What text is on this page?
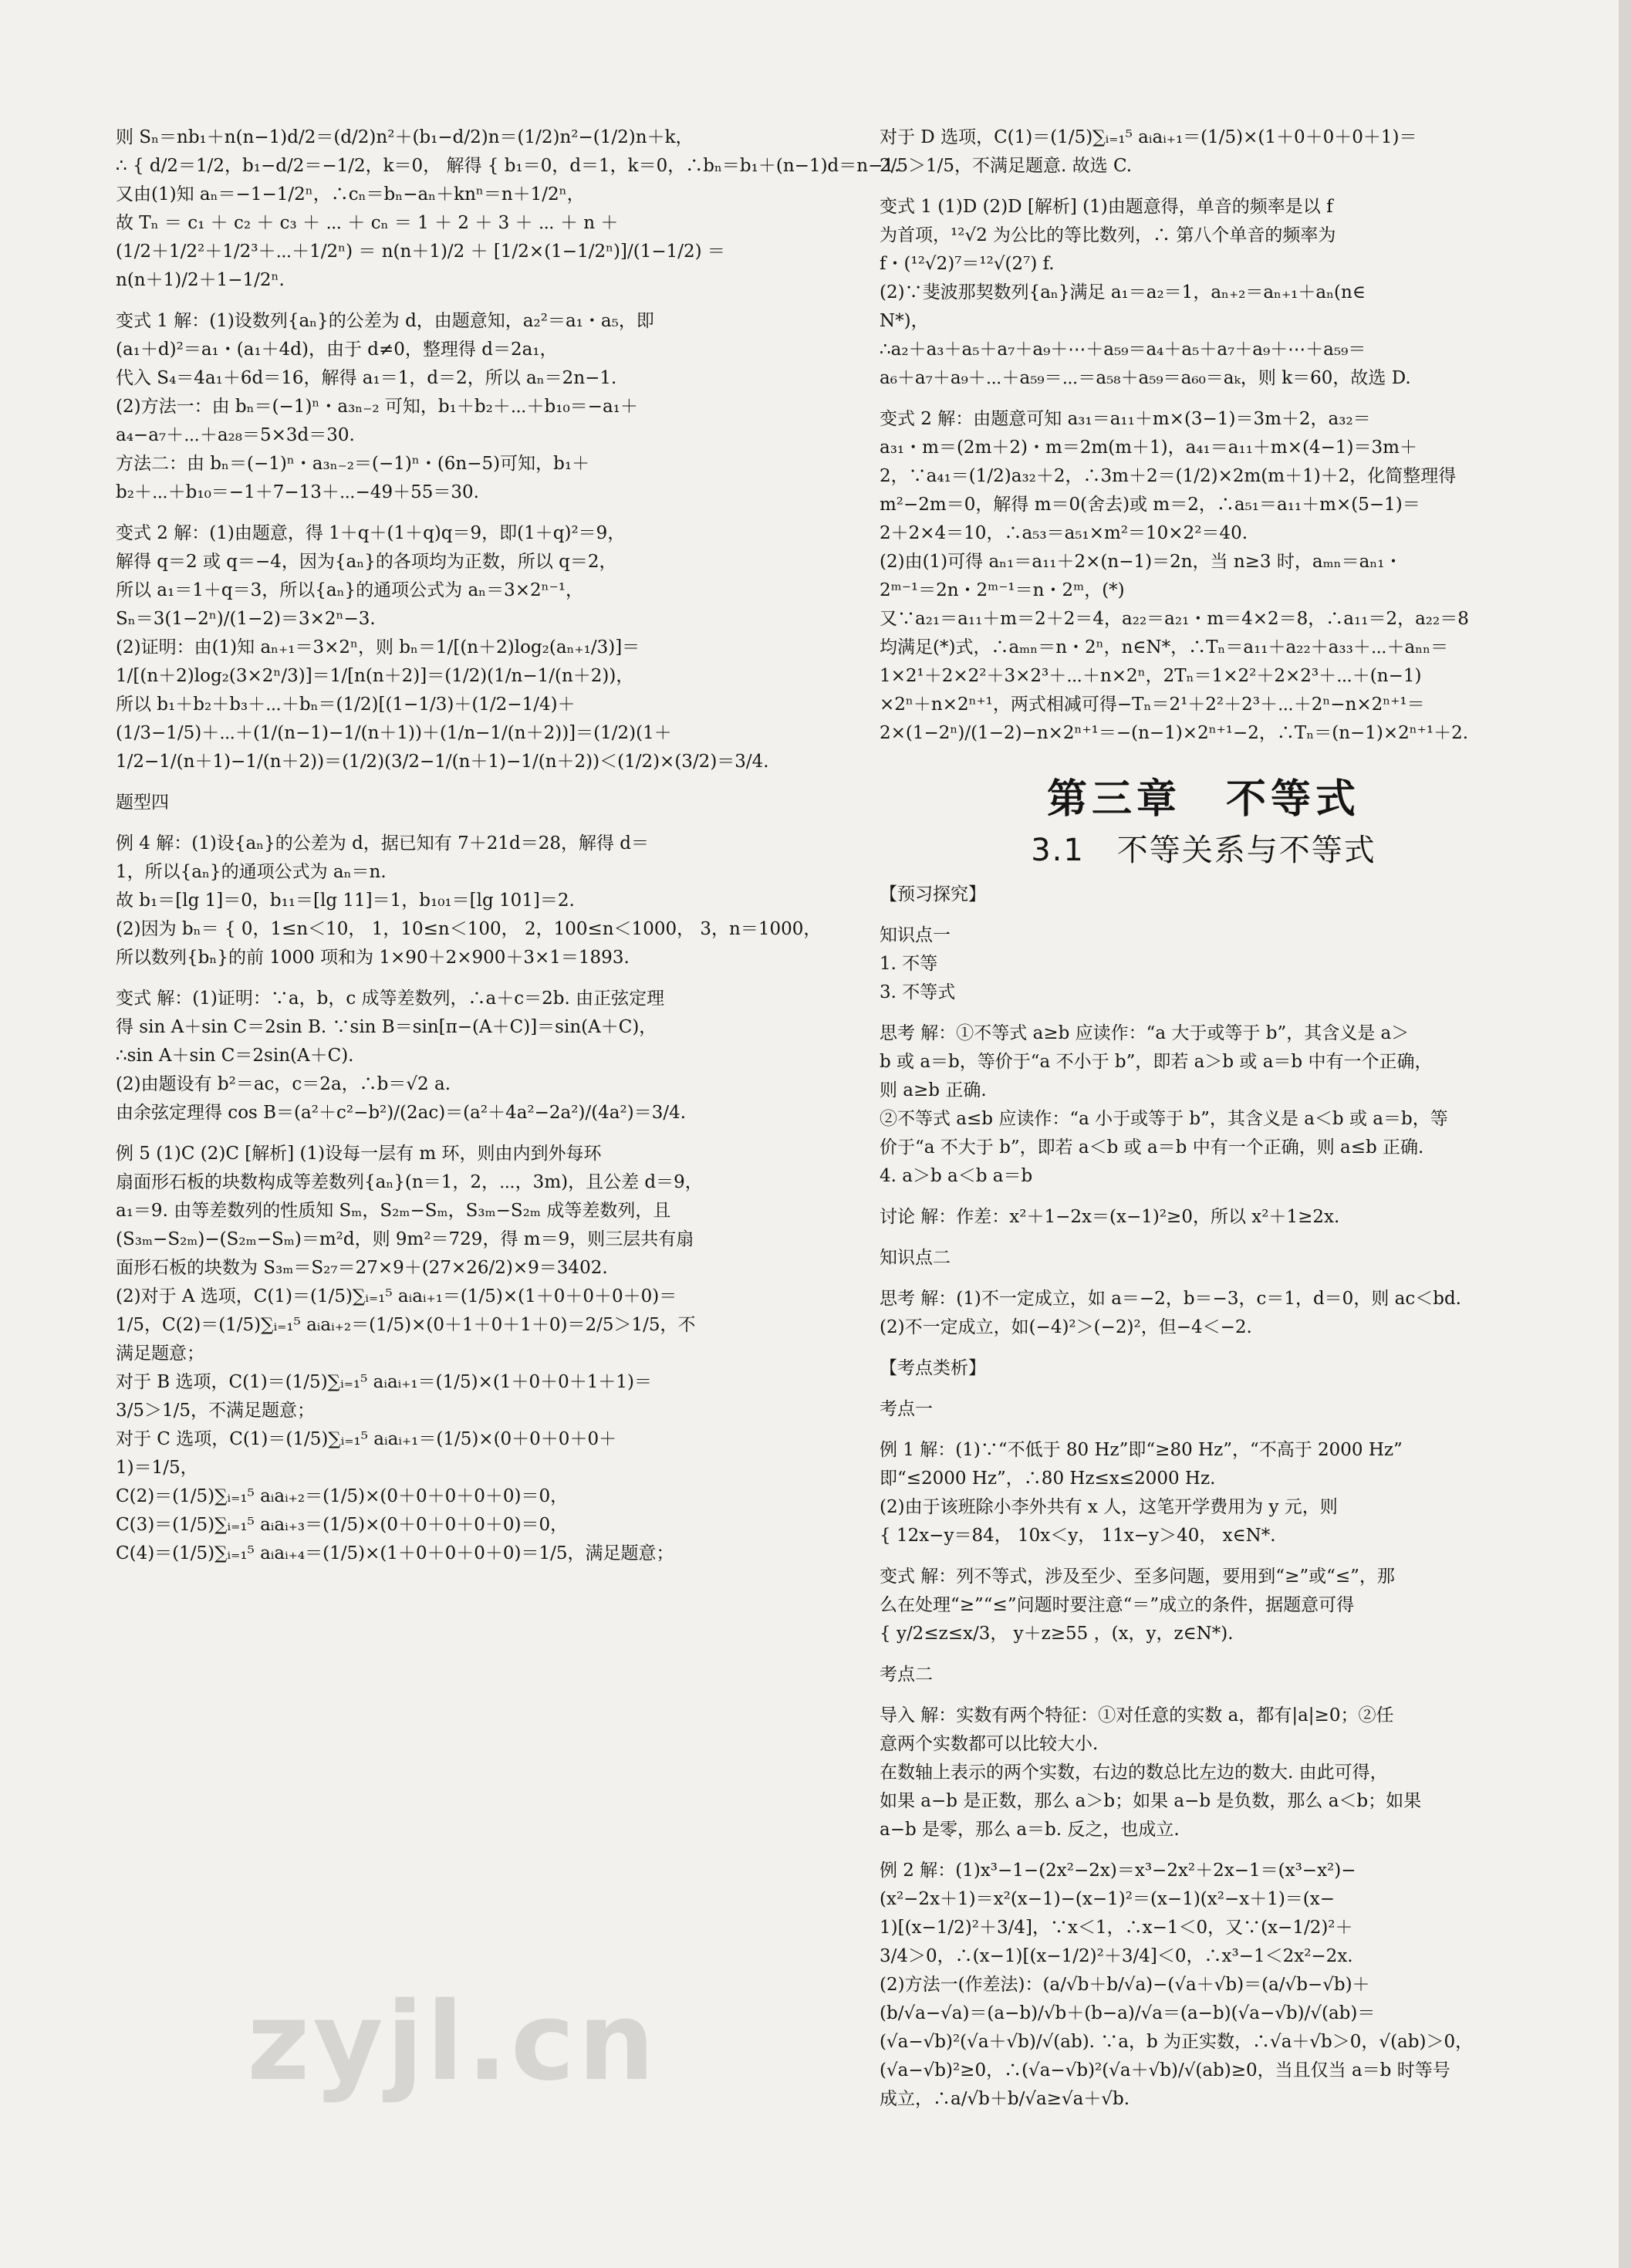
则 Sₙ＝nb₁＋n(n−1)d/2＝(d/2)n²＋(b₁−d/2)n＝(1/2)n²−(1/2)n＋k，
∴ { d/2＝1/2，b₁−d/2＝−1/2，k＝0， 解得 { b₁＝0，d＝1，k＝0，∴bₙ＝b₁＋(n−1)d＝n−1.
又由(1)知 aₙ＝−1−1/2ⁿ，∴cₙ＝bₙ−aₙ＋knⁿ＝n＋1/2ⁿ，
故 Tₙ ＝ c₁ ＋ c₂ ＋ c₃ ＋ ⋯ ＋ cₙ ＝ 1 ＋ 2 ＋ 3 ＋ ⋯ ＋ n ＋
(1/2＋1/2²＋1/2³＋⋯＋1/2ⁿ) ＝ n(n＋1)/2 ＋ [1/2×(1−1/2ⁿ)]/(1−1/2) ＝
n(n＋1)/2＋1−1/2ⁿ.
变式 1 解：(1)设数列{aₙ}的公差为 d，由题意知，a₂²＝a₁・a₅，即
(a₁＋d)²＝a₁・(a₁＋4d)，由于 d≠0，整理得 d＝2a₁，
代入 S₄＝4a₁＋6d＝16，解得 a₁＝1，d＝2，所以 aₙ＝2n−1.
(2)方法一：由 bₙ＝(−1)ⁿ・a₃ₙ₋₂ 可知，b₁＋b₂＋⋯＋b₁₀＝−a₁＋
a₄−a₇＋⋯＋a₂₈＝5×3d＝30.
方法二：由 bₙ＝(−1)ⁿ・a₃ₙ₋₂＝(−1)ⁿ・(6n−5)可知，b₁＋
b₂＋⋯＋b₁₀＝−1＋7−13＋⋯−49＋55＝30.
变式 2 解：(1)由题意，得 1＋q＋(1＋q)q＝9，即(1＋q)²＝9，
解得 q＝2 或 q＝−4，因为{aₙ}的各项均为正数，所以 q＝2，
所以 a₁＝1＋q＝3，所以{aₙ}的通项公式为 aₙ＝3×2ⁿ⁻¹，
Sₙ＝3(1−2ⁿ)/(1−2)＝3×2ⁿ−3.
(2)证明：由(1)知 aₙ₊₁＝3×2ⁿ，则 bₙ＝1/[(n＋2)log₂(aₙ₊₁/3)]＝
1/[(n＋2)log₂(3×2ⁿ/3)]＝1/[n(n＋2)]＝(1/2)(1/n−1/(n＋2))，
所以 b₁＋b₂＋b₃＋⋯＋bₙ＝(1/2)[(1−1/3)＋(1/2−1/4)＋
(1/3−1/5)＋⋯＋(1/(n−1)−1/(n＋1))＋(1/n−1/(n＋2))]＝(1/2)(1＋
1/2−1/(n＋1)−1/(n＋2))＝(1/2)(3/2−1/(n＋1)−1/(n＋2))＜(1/2)×(3/2)＝3/4.
题型四
例 4 解：(1)设{aₙ}的公差为 d，据已知有 7＋21d＝28，解得 d＝
1，所以{aₙ}的通项公式为 aₙ＝n.
故 b₁＝[lg 1]＝0，b₁₁＝[lg 11]＝1，b₁₀₁＝[lg 101]＝2.
(2)因为 bₙ＝ { 0，1≤n＜10， 1，10≤n＜100， 2，100≤n＜1000， 3，n＝1000，
所以数列{bₙ}的前 1000 项和为 1×90＋2×900＋3×1＝1893.
变式 解：(1)证明：∵a，b，c 成等差数列，∴a＋c＝2b. 由正弦定理
得 sin A＋sin C＝2sin B. ∵sin B＝sin[π−(A＋C)]＝sin(A＋C)，
∴sin A＋sin C＝2sin(A＋C).
(2)由题设有 b²＝ac，c＝2a，∴b＝√2 a.
由余弦定理得 cos B＝(a²＋c²−b²)/(2ac)＝(a²＋4a²−2a²)/(4a²)＝3/4.
例 5 (1)C (2)C [解析] (1)设每一层有 m 环，则由内到外每环
扇面形石板的块数构成等差数列{aₙ}(n＝1，2，⋯，3m)，且公差 d＝9，
a₁＝9. 由等差数列的性质知 Sₘ，S₂ₘ−Sₘ，S₃ₘ−S₂ₘ 成等差数列，且
(S₃ₘ−S₂ₘ)−(S₂ₘ−Sₘ)＝m²d，则 9m²＝729，得 m＝9，则三层共有扇
面形石板的块数为 S₃ₘ＝S₂₇＝27×9＋(27×26/2)×9＝3402.
(2)对于 A 选项，C(1)＝(1/5)∑ᵢ₌₁⁵ aᵢaᵢ₊₁＝(1/5)×(1＋0＋0＋0＋0)＝
1/5，C(2)＝(1/5)∑ᵢ₌₁⁵ aᵢaᵢ₊₂＝(1/5)×(0＋1＋0＋1＋0)＝2/5＞1/5，不
满足题意；
对于 B 选项，C(1)＝(1/5)∑ᵢ₌₁⁵ aᵢaᵢ₊₁＝(1/5)×(1＋0＋0＋1＋1)＝
3/5＞1/5，不满足题意；
对于 C 选项，C(1)＝(1/5)∑ᵢ₌₁⁵ aᵢaᵢ₊₁＝(1/5)×(0＋0＋0＋0＋
1)＝1/5，
C(2)＝(1/5)∑ᵢ₌₁⁵ aᵢaᵢ₊₂＝(1/5)×(0＋0＋0＋0＋0)＝0，
C(3)＝(1/5)∑ᵢ₌₁⁵ aᵢaᵢ₊₃＝(1/5)×(0＋0＋0＋0＋0)＝0，
C(4)＝(1/5)∑ᵢ₌₁⁵ aᵢaᵢ₊₄＝(1/5)×(1＋0＋0＋0＋0)＝1/5，满足题意；
对于 D 选项，C(1)＝(1/5)∑ᵢ₌₁⁵ aᵢaᵢ₊₁＝(1/5)×(1＋0＋0＋0＋1)＝
2/5＞1/5，不满足题意. 故选 C.
变式 1 (1)D (2)D [解析] (1)由题意得，单音的频率是以 f
为首项，¹²√2 为公比的等比数列，∴ 第八个单音的频率为
f・(¹²√2)⁷＝¹²√(2⁷) f.
(2)∵斐波那契数列{aₙ}满足 a₁＝a₂＝1，aₙ₊₂＝aₙ₊₁＋aₙ(n∈
N*)，
∴a₂＋a₃＋a₅＋a₇＋a₉＋⋯＋a₅₉＝a₄＋a₅＋a₇＋a₉＋⋯＋a₅₉＝
a₆＋a₇＋a₉＋⋯＋a₅₉＝⋯＝a₅₈＋a₅₉＝a₆₀＝aₖ，则 k＝60，故选 D.
变式 2 解：由题意可知 a₃₁＝a₁₁＋m×(3−1)＝3m＋2，a₃₂＝
a₃₁・m＝(2m＋2)・m＝2m(m＋1)，a₄₁＝a₁₁＋m×(4−1)＝3m＋
2，∵a₄₁＝(1/2)a₃₂＋2，∴3m＋2＝(1/2)×2m(m＋1)＋2，化简整理得
m²−2m＝0，解得 m＝0(舍去)或 m＝2，∴a₅₁＝a₁₁＋m×(5−1)＝
2＋2×4＝10，∴a₅₃＝a₅₁×m²＝10×2²＝40.
(2)由(1)可得 aₙ₁＝a₁₁＋2×(n−1)＝2n，当 n≥3 时，aₘₙ＝aₙ₁・
2ᵐ⁻¹＝2n・2ᵐ⁻¹＝n・2ᵐ，(*)
又∵a₂₁＝a₁₁＋m＝2＋2＝4，a₂₂＝a₂₁・m＝4×2＝8，∴a₁₁＝2，a₂₂＝8
均满足(*)式，∴aₘₙ＝n・2ⁿ，n∈N*，∴Tₙ＝a₁₁＋a₂₂＋a₃₃＋⋯＋aₙₙ＝
1×2¹＋2×2²＋3×2³＋⋯＋n×2ⁿ，2Tₙ＝1×2²＋2×2³＋⋯＋(n−1)
×2ⁿ＋n×2ⁿ⁺¹，两式相减可得−Tₙ＝2¹＋2²＋2³＋⋯＋2ⁿ−n×2ⁿ⁺¹＝
2×(1−2ⁿ)/(1−2)−n×2ⁿ⁺¹＝−(n−1)×2ⁿ⁺¹−2，∴Tₙ＝(n−1)×2ⁿ⁺¹＋2.
第三章　不等式
3.1　不等关系与不等式
【预习探究】
知识点一
1. 不等
3. 不等式
思考 解：①不等式 a≥b 应读作：“a 大于或等于 b”，其含义是 a＞
b 或 a＝b，等价于“a 不小于 b”，即若 a＞b 或 a＝b 中有一个正确，
则 a≥b 正确.
②不等式 a≤b 应读作：“a 小于或等于 b”，其含义是 a＜b 或 a＝b，等
价于“a 不大于 b”，即若 a＜b 或 a＝b 中有一个正确，则 a≤b 正确.
4. a＞b a＜b a＝b
讨论 解：作差：x²＋1−2x＝(x−1)²≥0，所以 x²＋1≥2x.
知识点二
思考 解：(1)不一定成立，如 a＝−2，b＝−3，c＝1，d＝0，则 ac＜bd.
(2)不一定成立，如(−4)²＞(−2)²，但−4＜−2.
【考点类析】
考点一
例 1 解：(1)∵“不低于 80 Hz”即“≥80 Hz”，“不高于 2000 Hz”
即“≤2000 Hz”，∴80 Hz≤x≤2000 Hz.
(2)由于该班除小李外共有 x 人，这笔开学费用为 y 元，则
{ 12x−y＝84， 10x＜y， 11x−y＞40， x∈N*.
变式 解：列不等式，涉及至少、至多问题，要用到“≥”或“≤”，那
么在处理“≥”“≤”问题时要注意“＝”成立的条件，据题意可得
{ y/2≤z≤x/3， y＋z≥55 ，(x，y，z∈N*).
考点二
导入 解：实数有两个特征：①对任意的实数 a，都有|a|≥0；②任
意两个实数都可以比较大小.
在数轴上表示的两个实数，右边的数总比左边的数大. 由此可得，
如果 a−b 是正数，那么 a＞b；如果 a−b 是负数，那么 a＜b；如果
a−b 是零，那么 a＝b. 反之，也成立.
例 2 解：(1)x³−1−(2x²−2x)＝x³−2x²＋2x−1＝(x³−x²)−
(x²−2x＋1)＝x²(x−1)−(x−1)²＝(x−1)(x²−x＋1)＝(x−
1)[(x−1/2)²＋3/4]，∵x＜1，∴x−1＜0，又∵(x−1/2)²＋
3/4＞0，∴(x−1)[(x−1/2)²＋3/4]＜0，∴x³−1＜2x²−2x.
(2)方法一(作差法)：(a/√b＋b/√a)−(√a＋√b)＝(a/√b−√b)＋
(b/√a−√a)＝(a−b)/√b＋(b−a)/√a＝(a−b)(√a−√b)/√(ab)＝
(√a−√b)²(√a＋√b)/√(ab). ∵a，b 为正实数，∴√a＋√b＞0，√(ab)＞0，
(√a−√b)²≥0，∴(√a−√b)²(√a＋√b)/√(ab)≥0，当且仅当 a＝b 时等号
成立，∴a/√b＋b/√a≥√a＋√b.
zyjl.cn
